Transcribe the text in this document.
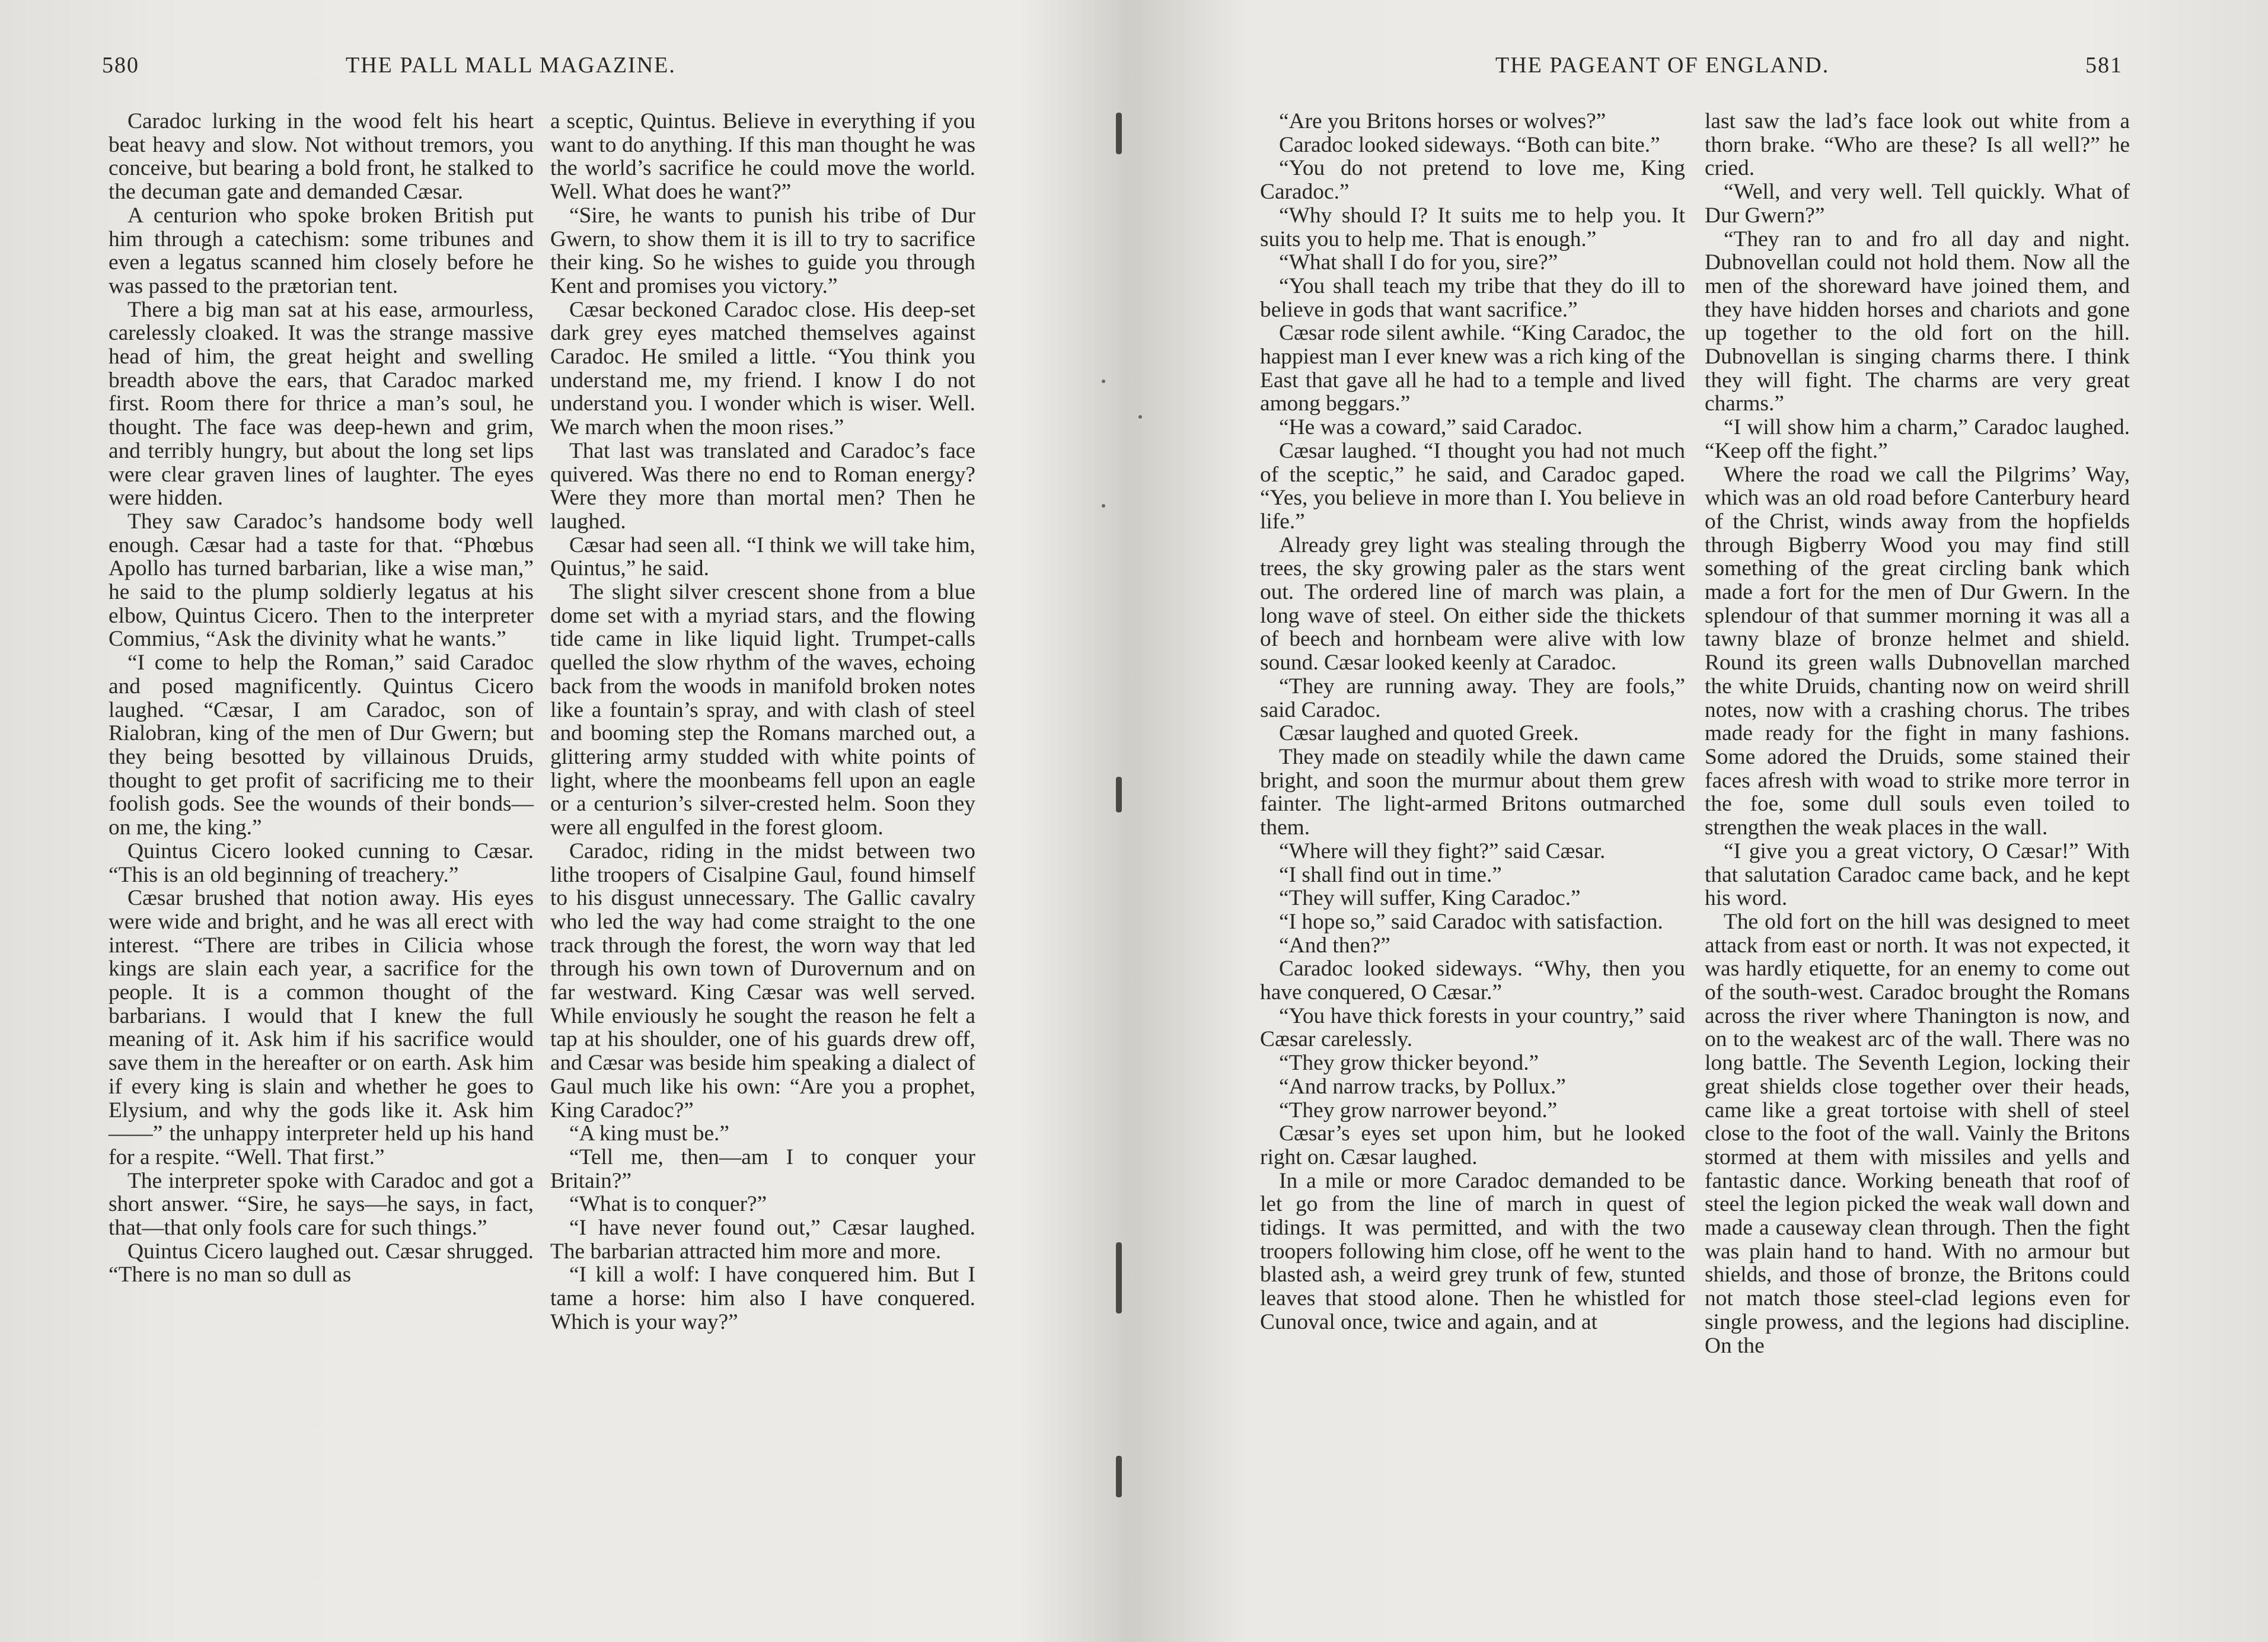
580	THE PALL MALL MAGAZINE.

Caradoc lurking in the wood felt his heart beat heavy and slow. Not without tremors, you conceive, but bearing a bold front, he stalked to the decuman gate and demanded Cæsar.

A centurion who spoke broken British put him through a catechism: some tribunes and even a legatus scanned him closely before he was passed to the prætorian tent.

There a big man sat at his ease, armourless, carelessly cloaked. It was the strange massive head of him, the great height and swelling breadth above the ears, that Caradoc marked first. Room there for thrice a man’s soul, he thought. The face was deep-hewn and grim, and terribly hungry, but about the long set lips were clear graven lines of laughter. The eyes were hidden.

They saw Caradoc’s handsome body well enough. Cæsar had a taste for that. “Phœbus Apollo has turned barbarian, like a wise man,” he said to the plump soldierly legatus at his elbow, Quintus Cicero. Then to the interpreter Commius, “Ask the divinity what he wants.”

“I come to help the Roman,” said Caradoc and posed magnificently. Quintus Cicero laughed. “Cæsar, I am Caradoc, son of Rialobran, king of the men of Dur Gwern; but they being besotted by villainous Druids, thought to get profit of sacrificing me to their foolish gods. See the wounds of their bonds—on me, the king.”

Quintus Cicero looked cunning to Cæsar. “This is an old beginning of treachery.”

Cæsar brushed that notion away. His eyes were wide and bright, and he was all erect with interest. “There are tribes in Cilicia whose kings are slain each year, a sacrifice for the people. It is a common thought of the barbarians. I would that I knew the full meaning of it. Ask him if his sacrifice would save them in the hereafter or on earth. Ask him if every king is slain and whether he goes to Elysium, and why the gods like it. Ask him——” the unhappy interpreter held up his hand for a respite. “Well. That first.”

The interpreter spoke with Caradoc and got a short answer. “Sire, he says—he says, in fact, that—that only fools care for such things.”

Quintus Cicero laughed out. Cæsar shrugged. “There is no man so dull as

a sceptic, Quintus. Believe in everything if you want to do anything. If this man thought he was the world’s sacrifice he could move the world. Well. What does he want?”

“Sire, he wants to punish his tribe of Dur Gwern, to show them it is ill to try to sacrifice their king. So he wishes to guide you through Kent and promises you victory.”

Cæsar beckoned Caradoc close. His deep-set dark grey eyes matched themselves against Caradoc. He smiled a little. “You think you understand me, my friend. I know I do not understand you. I wonder which is wiser. Well. We march when the moon rises.”

That last was translated and Caradoc’s face quivered. Was there no end to Roman energy? Were they more than mortal men? Then he laughed.

Cæsar had seen all. “I think we will take him, Quintus,” he said.

The slight silver crescent shone from a blue dome set with a myriad stars, and the flowing tide came in like liquid light. Trumpet-calls quelled the slow rhythm of the waves, echoing back from the woods in manifold broken notes like a fountain’s spray, and with clash of steel and booming step the Romans marched out, a glittering army studded with white points of light, where the moonbeams fell upon an eagle or a centurion’s silver-crested helm. Soon they were all engulfed in the forest gloom.

Caradoc, riding in the midst between two lithe troopers of Cisalpine Gaul, found himself to his disgust unnecessary. The Gallic cavalry who led the way had come straight to the one track through the forest, the worn way that led through his own town of Durovernum and on far westward. King Cæsar was well served. While enviously he sought the reason he felt a tap at his shoulder, one of his guards drew off, and Cæsar was beside him speaking a dialect of Gaul much like his own: “Are you a prophet, King Caradoc?”

“A king must be.”

“Tell me, then—am I to conquer your Britain?”

“What is to conquer?”

“I have never found out,” Cæsar laughed. The barbarian attracted him more and more.

“I kill a wolf: I have conquered him. But I tame a horse: him also I have conquered. Which is your way?”

THE PAGEANT OF ENGLAND.	581

“Are you Britons horses or wolves?”

Caradoc looked sideways. “Both can bite.”

“You do not pretend to love me, King Caradoc.”

“Why should I? It suits me to help you. It suits you to help me. That is enough.”

“What shall I do for you, sire?”

“You shall teach my tribe that they do ill to believe in gods that want sacrifice.”

Cæsar rode silent awhile. “King Caradoc, the happiest man I ever knew was a rich king of the East that gave all he had to a temple and lived among beggars.”

“He was a coward,” said Caradoc.

Cæsar laughed. “I thought you had not much of the sceptic,” he said, and Caradoc gaped. “Yes, you believe in more than I. You believe in life.”

Already grey light was stealing through the trees, the sky growing paler as the stars went out. The ordered line of march was plain, a long wave of steel. On either side the thickets of beech and hornbeam were alive with low sound. Cæsar looked keenly at Caradoc.

“They are running away. They are fools,” said Caradoc.

Cæsar laughed and quoted Greek.

They made on steadily while the dawn came bright, and soon the murmur about them grew fainter. The light-armed Britons outmarched them.

“Where will they fight?” said Cæsar.

“I shall find out in time.”

“They will suffer, King Caradoc.”

“I hope so,” said Caradoc with satisfaction.

“And then?”

Caradoc looked sideways. “Why, then you have conquered, O Cæsar.”

“You have thick forests in your country,” said Cæsar carelessly.

“They grow thicker beyond.”

“And narrow tracks, by Pollux.”

“They grow narrower beyond.”

Cæsar’s eyes set upon him, but he looked right on. Cæsar laughed.

In a mile or more Caradoc demanded to be let go from the line of march in quest of tidings. It was permitted, and with the two troopers following him close, off he went to the blasted ash, a weird grey trunk of few, stunted leaves that stood alone. Then he whistled for Cunoval once, twice and again, and at

last saw the lad’s face look out white from a thorn brake. “Who are these? Is all well?” he cried.

“Well, and very well. Tell quickly. What of Dur Gwern?”

“They ran to and fro all day and night. Dubnovellan could not hold them. Now all the men of the shoreward have joined them, and they have hidden horses and chariots and gone up together to the old fort on the hill. Dubnovellan is singing charms there. I think they will fight. The charms are very great charms.”

“I will show him a charm,” Caradoc laughed. “Keep off the fight.”

Where the road we call the Pilgrims’ Way, which was an old road before Canterbury heard of the Christ, winds away from the hopfields through Bigberry Wood you may find still something of the great circling bank which made a fort for the men of Dur Gwern. In the splendour of that summer morning it was all a tawny blaze of bronze helmet and shield. Round its green walls Dubnovellan marched the white Druids, chanting now on weird shrill notes, now with a crashing chorus. The tribes made ready for the fight in many fashions. Some adored the Druids, some stained their faces afresh with woad to strike more terror in the foe, some dull souls even toiled to strengthen the weak places in the wall.

“I give you a great victory, O Cæsar!” With that salutation Caradoc came back, and he kept his word.

The old fort on the hill was designed to meet attack from east or north. It was not expected, it was hardly etiquette, for an enemy to come out of the south-west. Caradoc brought the Romans across the river where Thanington is now, and on to the weakest arc of the wall. There was no long battle. The Seventh Legion, locking their great shields close together over their heads, came like a great tortoise with shell of steel close to the foot of the wall. Vainly the Britons stormed at them with missiles and yells and fantastic dance. Working beneath that roof of steel the legion picked the weak wall down and made a causeway clean through. Then the fight was plain hand to hand. With no armour but shields, and those of bronze, the Britons could not match those steel-clad legions even for single prowess, and the legions had discipline. On the
